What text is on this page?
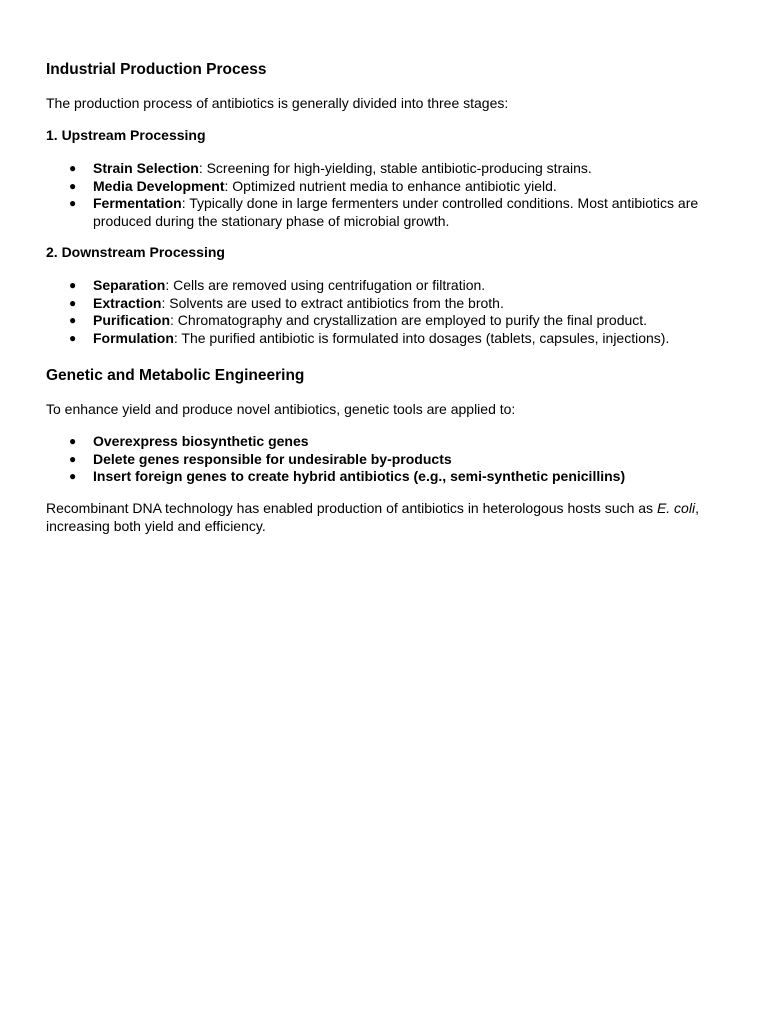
Industrial Production Process

The production process of antibiotics is generally divided into three stages:

1. Upstream Processing

● Strain Selection: Screening for high-yielding, stable antibiotic-producing strains.
● Media Development: Optimized nutrient media to enhance antibiotic yield.
● Fermentation: Typically done in large fermenters under controlled conditions. Most antibiotics are produced during the stationary phase of microbial growth.

2. Downstream Processing

● Separation: Cells are removed using centrifugation or filtration.
● Extraction: Solvents are used to extract antibiotics from the broth.
● Purification: Chromatography and crystallization are employed to purify the final product.
● Formulation: The purified antibiotic is formulated into dosages (tablets, capsules, injections).
Genetic and Metabolic Engineering

To enhance yield and produce novel antibiotics, genetic tools are applied to:

● Overexpress biosynthetic genes
● Delete genes responsible for undesirable by-products
● Insert foreign genes to create hybrid antibiotics (e.g., semi-synthetic penicillins)

Recombinant DNA technology has enabled production of antibiotics in heterologous hosts such as E. coli, increasing both yield and efficiency.
